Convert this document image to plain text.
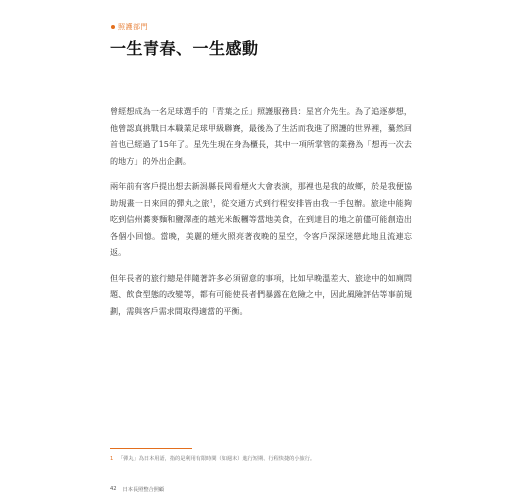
照護部門
一生青春、一生感動

曾經想成為一名足球選手的「青葉之丘」照護服務員：星宮介先生。為了追逐夢想，他曾認真挑戰日本職業足球甲級聯賽，最後為了生活而我進了照護的世界裡，驀然回首也已經過了15年了。星先生現在身為櫃長，其中一項所掌管的業務為「想再一次去的地方」的外出企劃。

兩年前有客戶提出想去新潟縣長岡看煙火大會表演，那裡也是我的故鄉，於是我便協助規畫一日來回的彈丸之旅$^1$，從交通方式到行程安排皆由我一手包辦。旅途中能夠吃到信州蕎麥麵和鹽澤產的越光米飯糰等當地美食，在到達目的地之前儘可能創造出各個小回憶。當晚，美麗的煙火照亮著夜晚的星空，令客戶深深迷戀此地且流連忘返。

但年長者的旅行總是伴隨著許多必須留意的事項，比如早晚溫差大、旅途中的如廁問題、飲食型態的改變等，都有可能使長者們暴露在危險之中，因此風險評估等事前規劃，需與客戶需求間取得適當的平衡。

1 「彈丸」為日本用語，指的是利用有限時間（如週末）進行短期、行程快捷的小旅行。
42 日本長照整合照顧
